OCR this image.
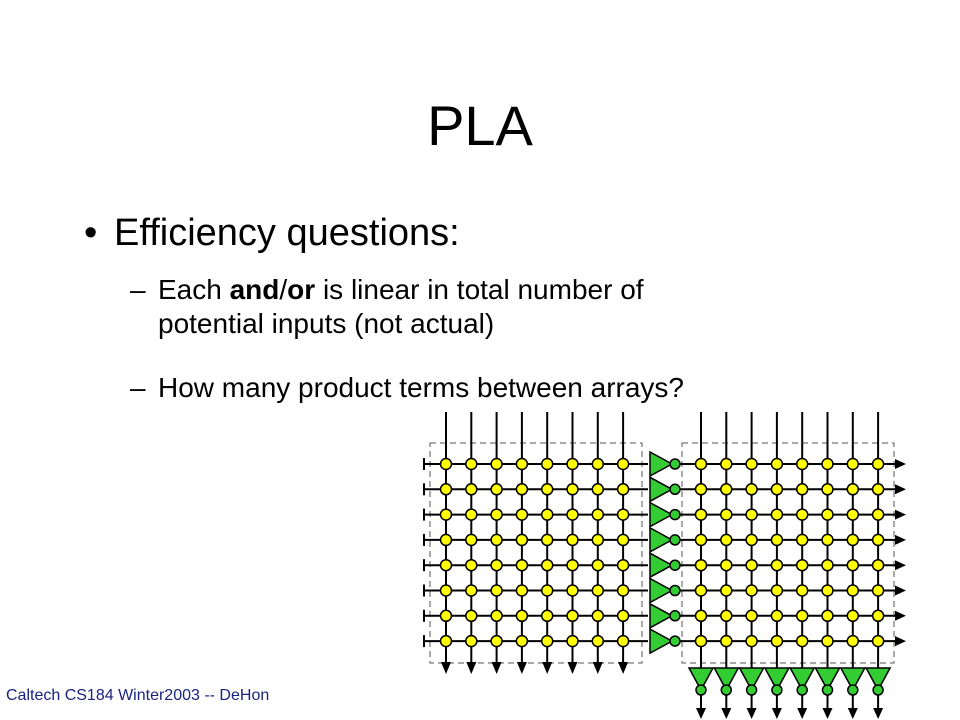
PLA
• Efficiency questions:
– Each and/or is linear in total number of
potential inputs (not actual)
– How many product terms between arrays?
Caltech CS184 Winter2003 -- DeHon
